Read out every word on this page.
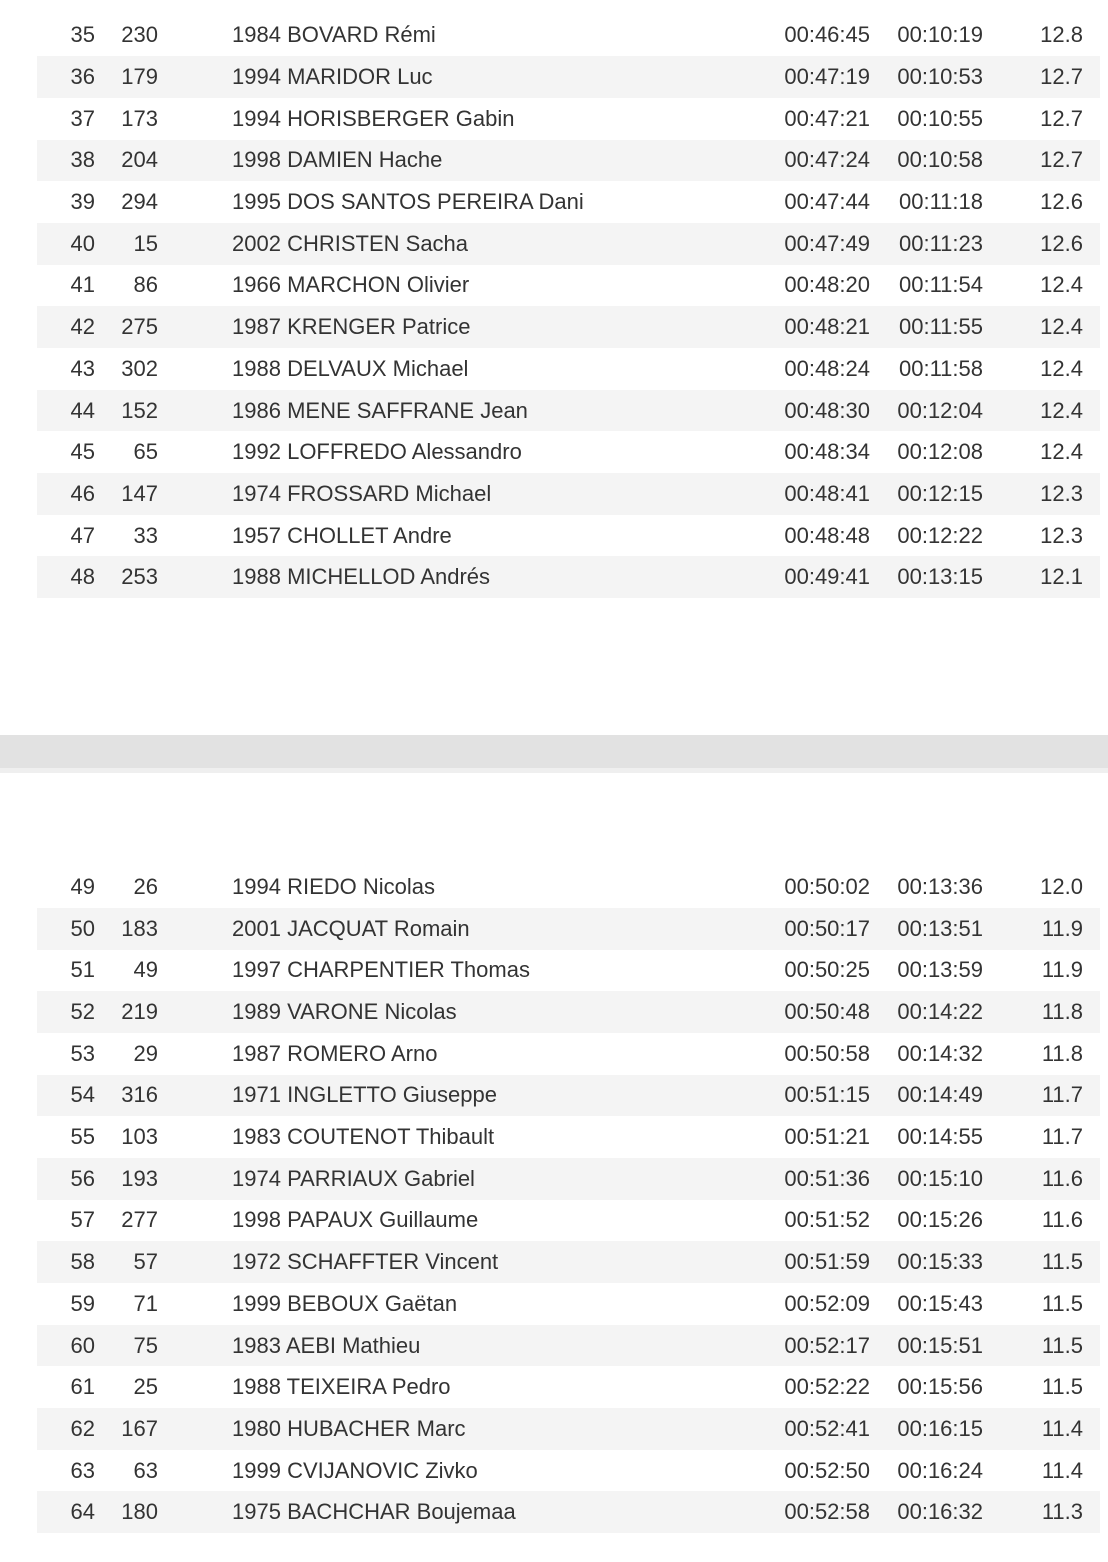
35	230	1984 BOVARD Rémi	00:46:45	00:10:19	12.8
36	179	1994 MARIDOR Luc	00:47:19	00:10:53	12.7
37	173	1994 HORISBERGER Gabin	00:47:21	00:10:55	12.7
38	204	1998 DAMIEN Hache	00:47:24	00:10:58	12.7
39	294	1995 DOS SANTOS PEREIRA Dani	00:47:44	00:11:18	12.6
40	15	2002 CHRISTEN Sacha	00:47:49	00:11:23	12.6
41	86	1966 MARCHON Olivier	00:48:20	00:11:54	12.4
42	275	1987 KRENGER Patrice	00:48:21	00:11:55	12.4
43	302	1988 DELVAUX Michael	00:48:24	00:11:58	12.4
44	152	1986 MENE SAFFRANE Jean	00:48:30	00:12:04	12.4
45	65	1992 LOFFREDO Alessandro	00:48:34	00:12:08	12.4
46	147	1974 FROSSARD Michael	00:48:41	00:12:15	12.3
47	33	1957 CHOLLET Andre	00:48:48	00:12:22	12.3
48	253	1988 MICHELLOD Andrés	00:49:41	00:13:15	12.1
49	26	1994 RIEDO Nicolas	00:50:02	00:13:36	12.0
50	183	2001 JACQUAT Romain	00:50:17	00:13:51	11.9
51	49	1997 CHARPENTIER Thomas	00:50:25	00:13:59	11.9
52	219	1989 VARONE Nicolas	00:50:48	00:14:22	11.8
53	29	1987 ROMERO Arno	00:50:58	00:14:32	11.8
54	316	1971 INGLETTO Giuseppe	00:51:15	00:14:49	11.7
55	103	1983 COUTENOT Thibault	00:51:21	00:14:55	11.7
56	193	1974 PARRIAUX Gabriel	00:51:36	00:15:10	11.6
57	277	1998 PAPAUX Guillaume	00:51:52	00:15:26	11.6
58	57	1972 SCHAFFTER Vincent	00:51:59	00:15:33	11.5
59	71	1999 BEBOUX Gaëtan	00:52:09	00:15:43	11.5
60	75	1983 AEBI Mathieu	00:52:17	00:15:51	11.5
61	25	1988 TEIXEIRA Pedro	00:52:22	00:15:56	11.5
62	167	1980 HUBACHER Marc	00:52:41	00:16:15	11.4
63	63	1999 CVIJANOVIC Zivko	00:52:50	00:16:24	11.4
64	180	1975 BACHCHAR Boujemaa	00:52:58	00:16:32	11.3
